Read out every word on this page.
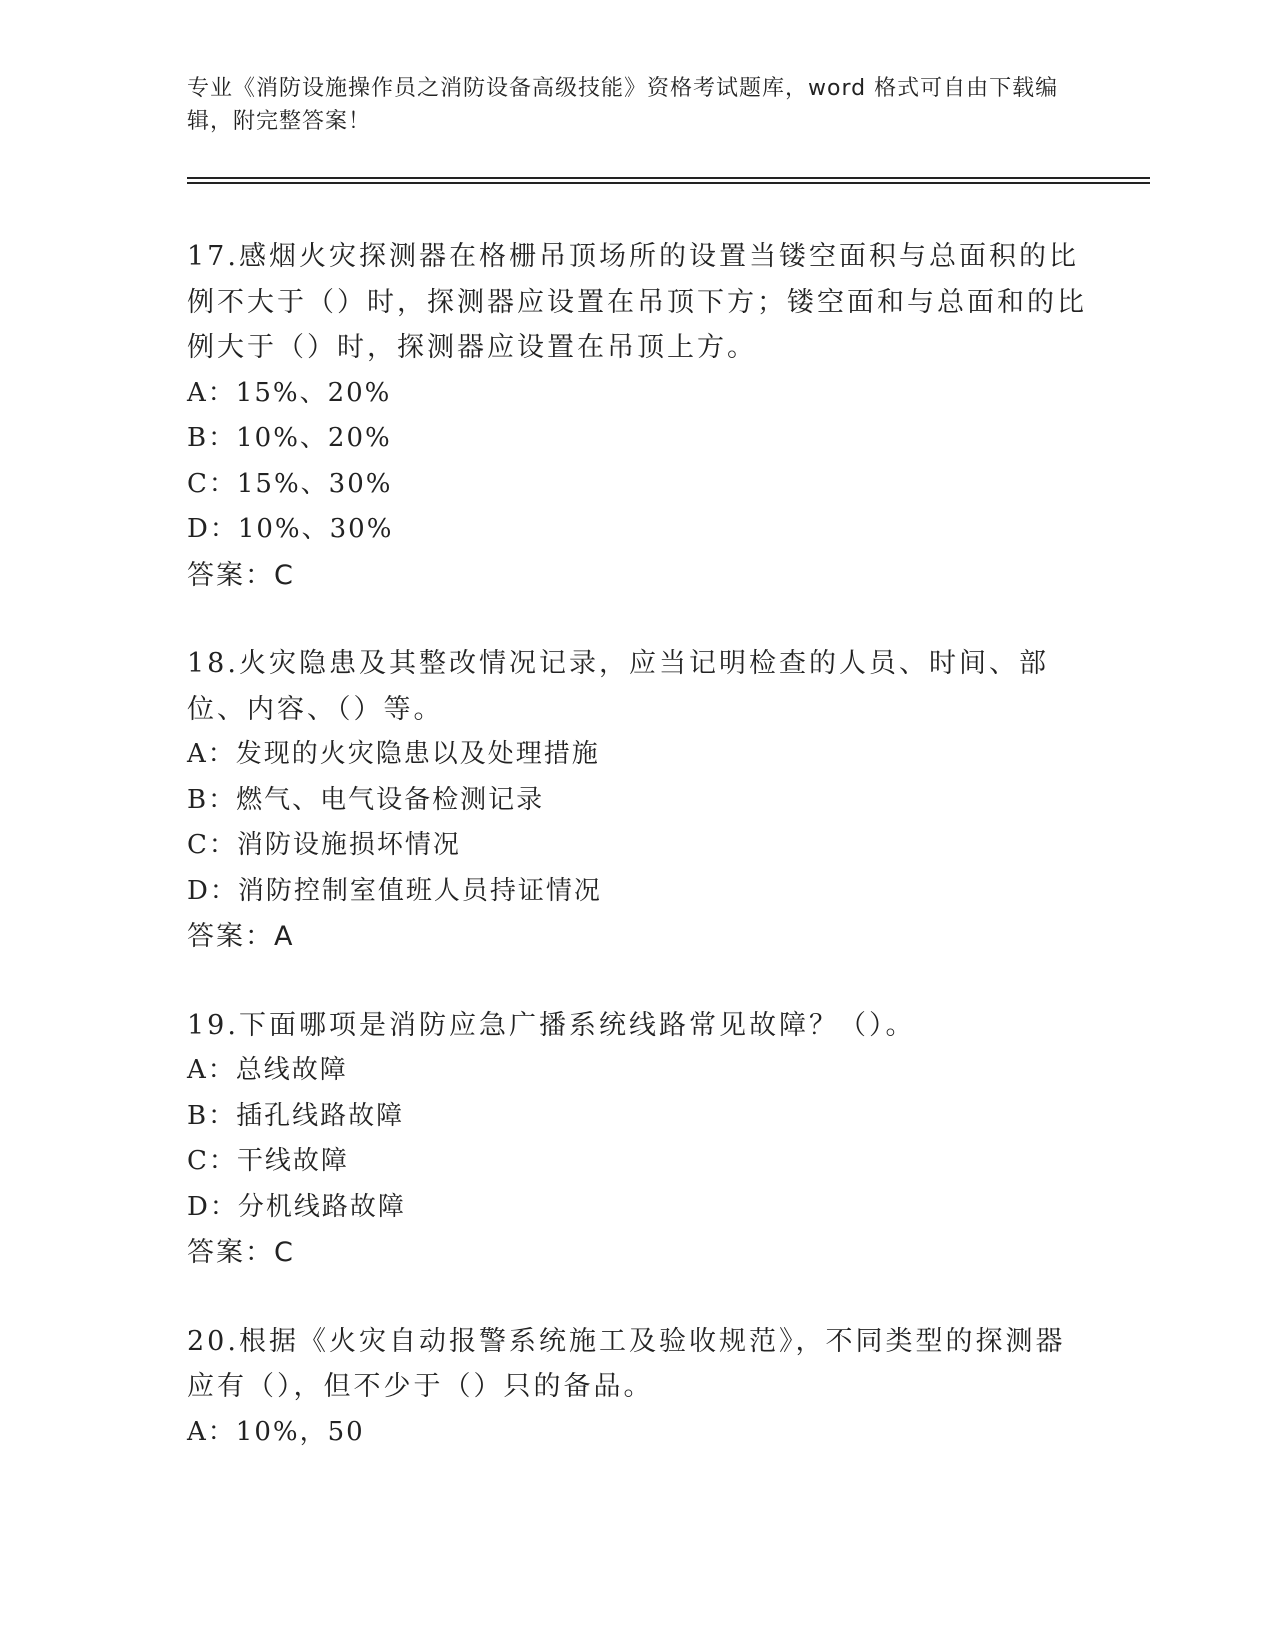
专业《消防设施操作员之消防设备高级技能》资格考试题库，word 格式可自由下载编辑，附完整答案！

17.感烟火灾探测器在格栅吊顶场所的设置当镂空面积与总面积的比例不大于（）时，探测器应设置在吊顶下方；镂空面和与总面和的比例大于（）时，探测器应设置在吊顶上方。

A：15%、20%

B：10%、20%

C：15%、30%

D：10%、30%

答案：C

18.火灾隐患及其整改情况记录，应当记明检查的人员、时间、部位、内容、（）等。

A：发现的火灾隐患以及处理措施

B：燃气、电气设备检测记录

C：消防设施损坏情况

D：消防控制室值班人员持证情况

答案：A

19.下面哪项是消防应急广播系统线路常见故障？（）。

A：总线故障

B：插孔线路故障

C：干线故障

D：分机线路故障

答案：C

20.根据《火灾自动报警系统施工及验收规范》，不同类型的探测器应有（），但不少于（）只的备品。

A：10%，50
